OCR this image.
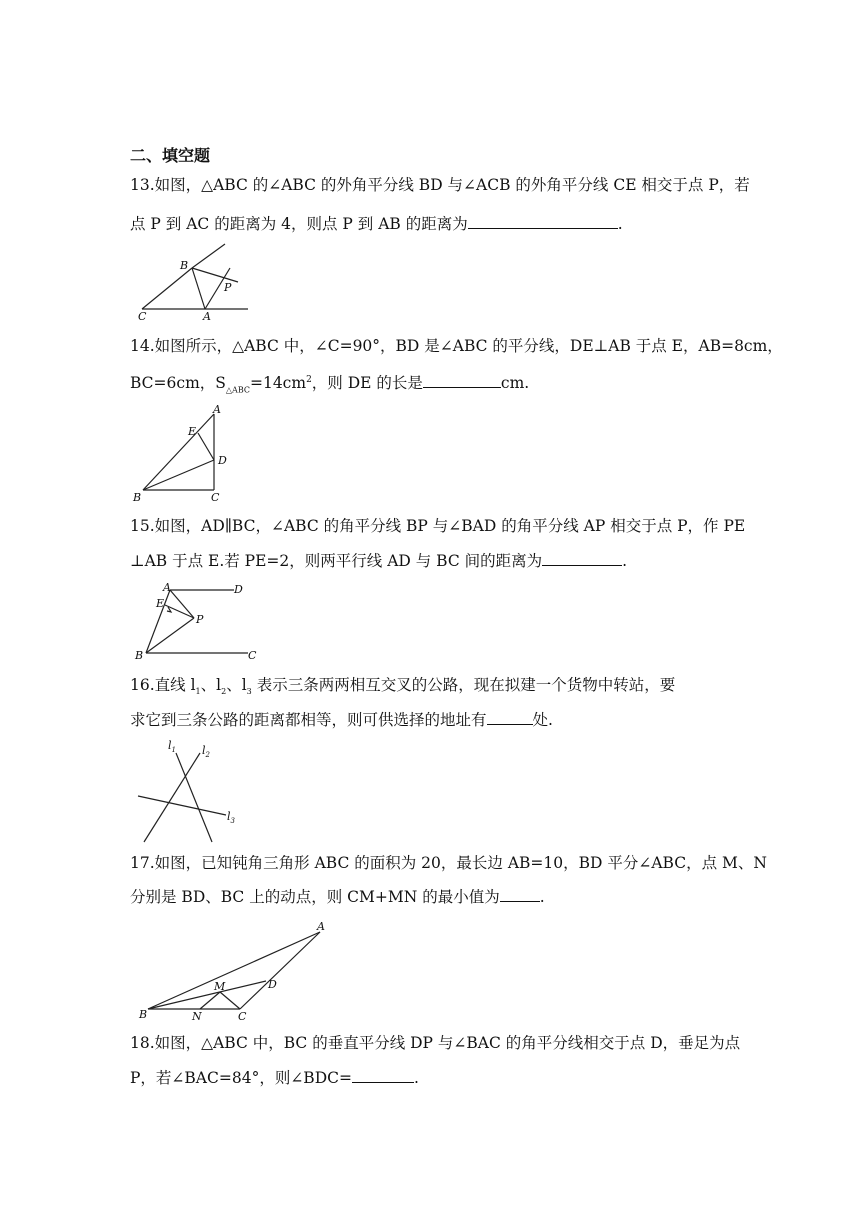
二、填空题
13.如图，△ABC 的∠ABC 的外角平分线 BD 与∠ACB 的外角平分线 CE 相交于点 P，若
点 P 到 AC 的距离为 4，则点 P 到 AB 的距离为	.
B
P
C	A
14.如图所示，△ABC 中，∠C=90°，BD 是∠ABC 的平分线，DE⊥AB 于点 E，AB=8cm，
BC=6cm，$S_{\triangle ABC}=14cm^2$，则 DE 的长是	cm.
A
E
D
B	C
15.如图，AD∥BC，∠ABC 的角平分线 BP 与∠BAD 的角平分线 AP 相交于点 P，作 PE
⊥AB 于点 E.若 PE=2，则两平行线 AD 与 BC 间的距离为	.
A	D
E
P
B	C
16.直线 $l_1$、$l_2$、$l_3$ 表示三条两两相互交叉的公路，现在拟建一个货物中转站，要
求它到三条公路的距离都相等，则可供选择的地址有	处.
$l_1$ $l_2$
$l_3$
17.如图，已知钝角三角形 ABC 的面积为 20，最长边 AB=10，BD 平分∠ABC，点 M、N
分别是 BD、BC 上的动点，则 CM+MN 的最小值为	.
A
M	D
B	N	C
18.如图，△ABC 中，BC 的垂直平分线 DP 与∠BAC 的角平分线相交于点 D，垂足为点
P，若∠BAC=84°，则∠BDC=	.
